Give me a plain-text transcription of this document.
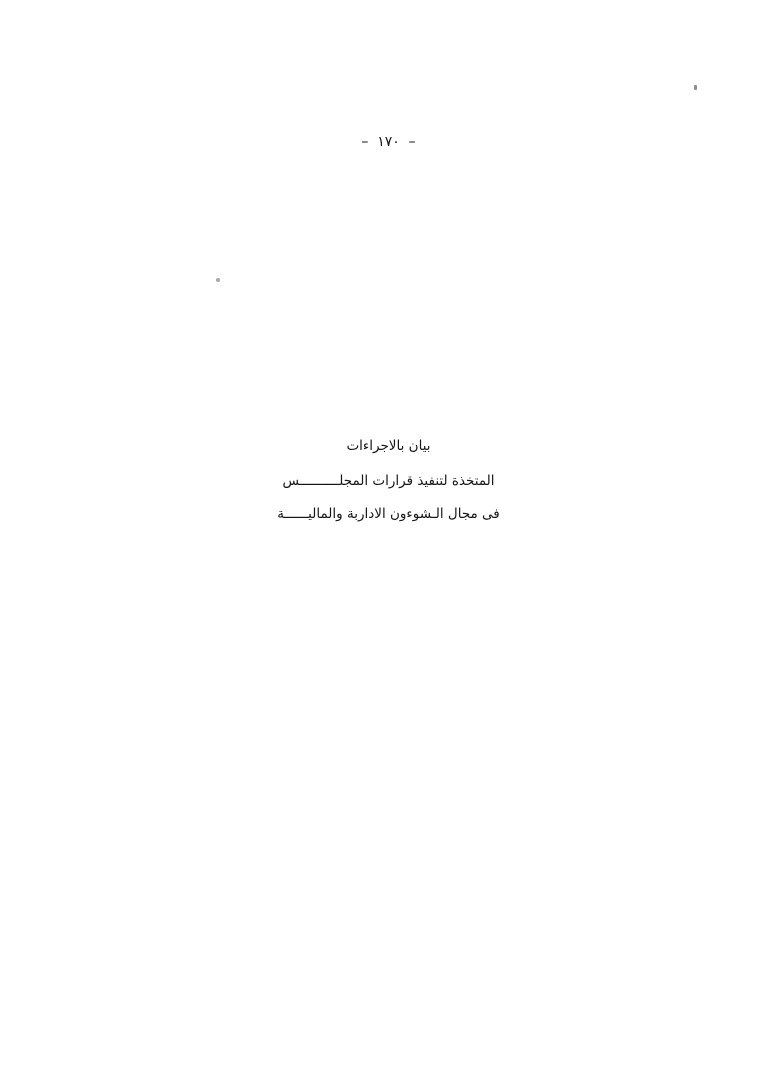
–  ١٧٠  –
بيان بالاجراءات
المتخذة لتنفيذ قرارات المجلــــــــــس
فى مجال الـشوءون الاداربة والماليــــــة
